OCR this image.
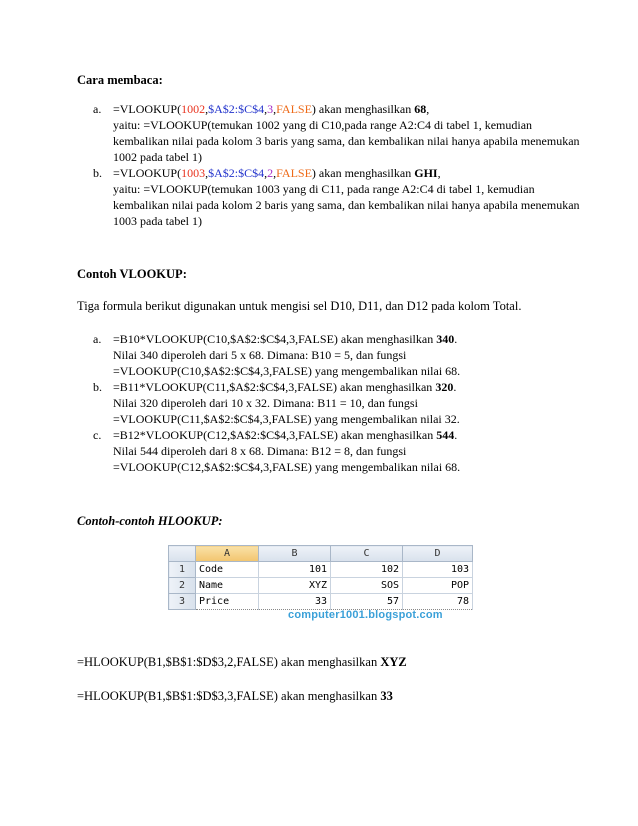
Cara membaca:
a. =VLOOKUP(1002,$A$2:$C$4,3,FALSE) akan menghasilkan 68,
yaitu: =VLOOKUP(temukan 1002 yang di C10,pada range A2:C4 di tabel 1, kemudian
kembalikan nilai pada kolom 3 baris yang sama, dan kembalikan nilai hanya apabila menemukan
1002 pada tabel 1)
b. =VLOOKUP(1003,$A$2:$C$4,2,FALSE) akan menghasilkan GHI,
yaitu: =VLOOKUP(temukan 1003 yang di C11, pada range A2:C4 di tabel 1, kemudian
kembalikan nilai pada kolom 2 baris yang sama, dan kembalikan nilai hanya apabila menemukan
1003 pada tabel 1)
Contoh VLOOKUP:
Tiga formula berikut digunakan untuk mengisi sel D10, D11, dan D12 pada kolom Total.
a. =B10*VLOOKUP(C10,$A$2:$C$4,3,FALSE) akan menghasilkan 340.
Nilai 340 diperoleh dari 5 x 68. Dimana: B10 = 5, dan fungsi
=VLOOKUP(C10,$A$2:$C$4,3,FALSE) yang mengembalikan nilai 68.
b. =B11*VLOOKUP(C11,$A$2:$C$4,3,FALSE) akan menghasilkan 320.
Nilai 320 diperoleh dari 10 x 32. Dimana: B11 = 10, dan fungsi
=VLOOKUP(C11,$A$2:$C$4,3,FALSE) yang mengembalikan nilai 32.
c. =B12*VLOOKUP(C12,$A$2:$C$4,3,FALSE) akan menghasilkan 544.
Nilai 544 diperoleh dari 8 x 68. Dimana: B12 = 8, dan fungsi
=VLOOKUP(C12,$A$2:$C$4,3,FALSE) yang mengembalikan nilai 68.
Contoh-contoh HLOOKUP:
	A	B	C	D
1	Code	101	102	103
2	Name	XYZ	SOS	POP
3	Price	33	57	78
computer1001.blogspot.com
=HLOOKUP(B1,$B$1:$D$3,2,FALSE) akan menghasilkan XYZ
=HLOOKUP(B1,$B$1:$D$3,3,FALSE) akan menghasilkan 33
